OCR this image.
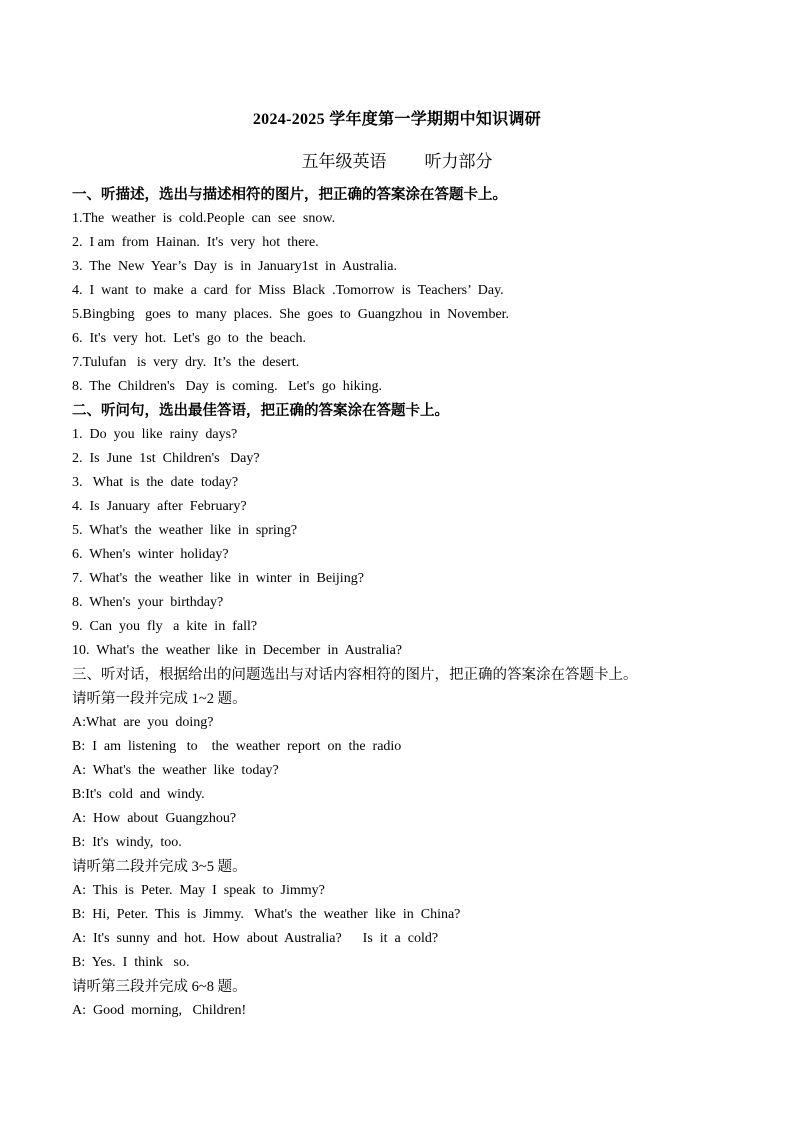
2024-2025 学年度第一学期期中知识调研
五年级英语 听力部分
一、听描述，选出与描述相符的图片，把正确的答案涂在答题卡上。
1.The  weather  is  cold.People  can  see  snow.
2.  I am  from  Hainan.  It's  very  hot  there.
3.  The  New  Year’s  Day  is  in  January1st  in  Australia.
4.  I  want  to  make  a  card  for  Miss  Black  .Tomorrow  is  Teachers’  Day.
5.Bingbing   goes  to  many  places.  She  goes  to  Guangzhou  in  November.
6.  It's  very  hot.  Let's  go  to  the  beach.
7.Tulufan   is  very  dry.  It’s  the  desert.
8.  The  Children's   Day  is  coming.   Let's  go  hiking.
二、听问句，选出最佳答语，把正确的答案涂在答题卡上。
1.  Do  you  like  rainy  days?
2.  Is  June  1st  Children's   Day?
3.   What  is  the  date  today?
4.  Is  January  after  February?
5.  What's  the  weather  like  in  spring?
6.  When's  winter  holiday?
7.  What's  the  weather  like  in  winter  in  Beijing?
8.  When's  your  birthday?
9.  Can  you  fly   a  kite  in  fall?
10.  What's  the  weather  like  in  December  in  Australia?
三、听对话，根据给出的问题选出与对话内容相符的图片，把正确的答案涂在答题卡上。
请听第一段并完成 1~2 题。
A:What  are  you  doing?
B:  I  am  listening   to    the  weather  report  on  the  radio
A:  What's  the  weather  like  today?
B:It's  cold  and  windy.
A:  How  about  Guangzhou?
B:  It's  windy,  too.
请听第二段并完成 3~5 题。
A:  This  is  Peter.  May  I  speak  to  Jimmy?
B:  Hi,  Peter.  This  is  Jimmy.   What's  the  weather  like  in  China?
A:  It's  sunny  and  hot.  How  about  Australia?      Is  it  a  cold?
B:  Yes.  I  think   so.
请听第三段并完成 6~8 题。
A:  Good  morning,   Children!
